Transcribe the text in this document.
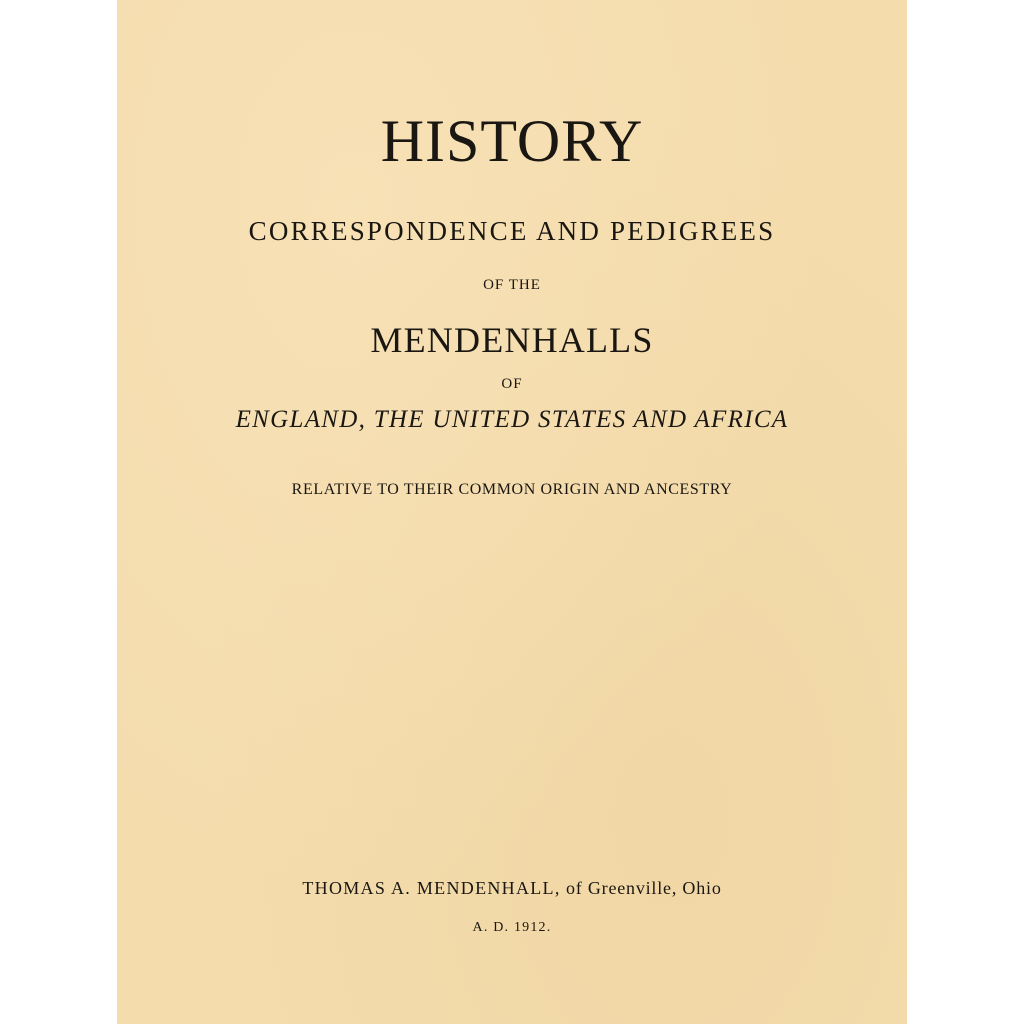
HISTORY
CORRESPONDENCE AND PEDIGREES
OF THE
MENDENHALLS
OF
ENGLAND, THE UNITED STATES AND AFRICA
RELATIVE TO THEIR COMMON ORIGIN AND ANCESTRY
THOMAS A. MENDENHALL, of Greenville, Ohio
A. D. 1912.
